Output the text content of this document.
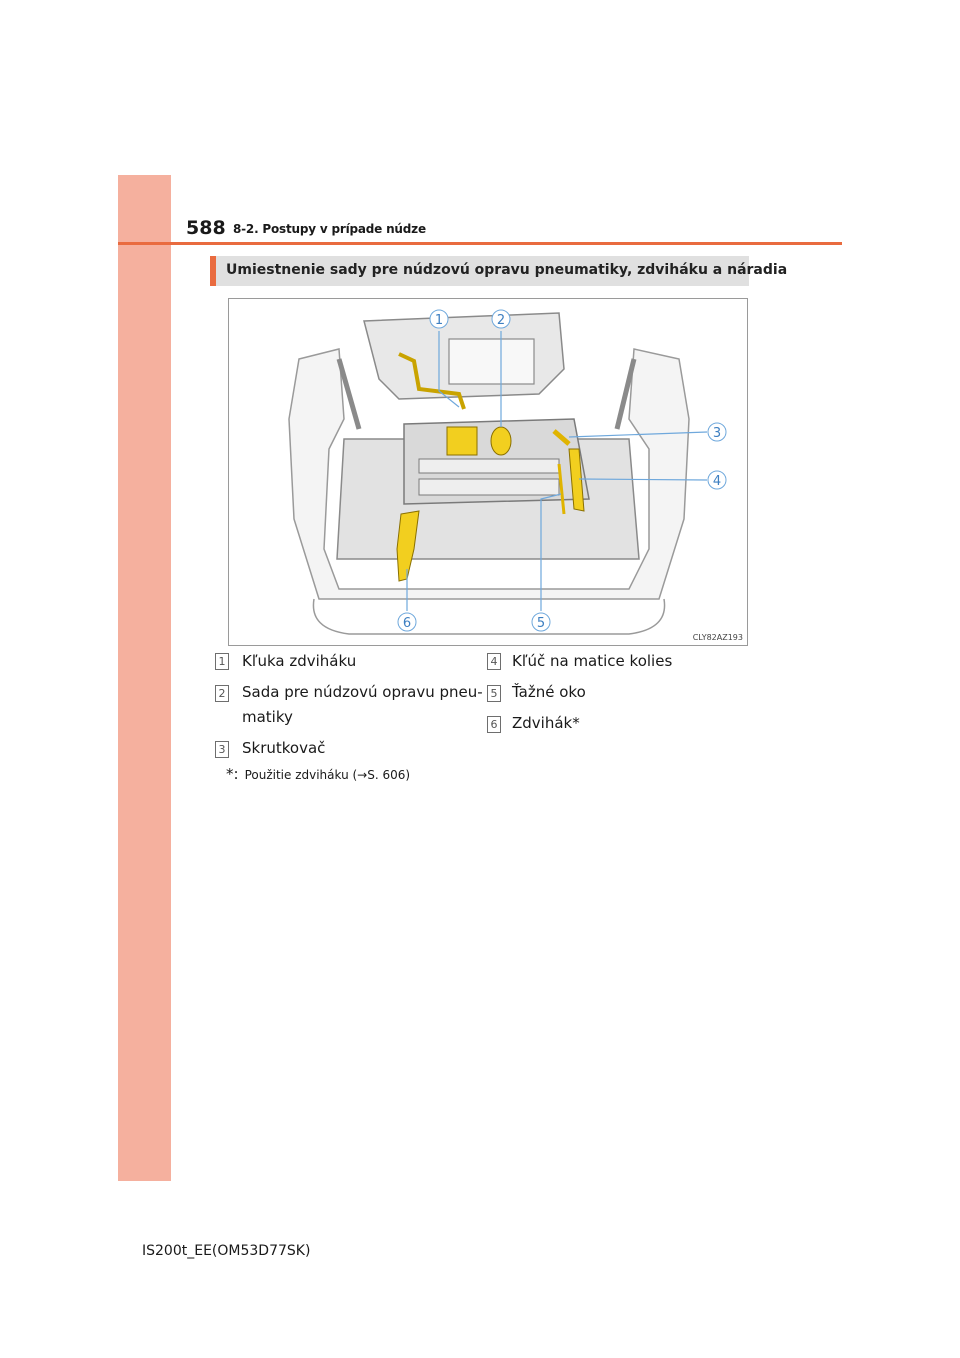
588 8-2. Postupy v prípade núdze
Umiestnenie sady pre núdzovú opravu pneumatiky, zdviháku a náradia
1	2
3
4
5
6
CLY82AZ193
1 Kľuka zdviháku
2 Sada pre núdzovú opravu pneu-
matiky
3 Skrutkovač
4 Kľúč na matice kolies
5 Ťažné oko
6 Zdvihák*
*: Použitie zdviháku (→S. 606)
IS200t_EE(OM53D77SK)
